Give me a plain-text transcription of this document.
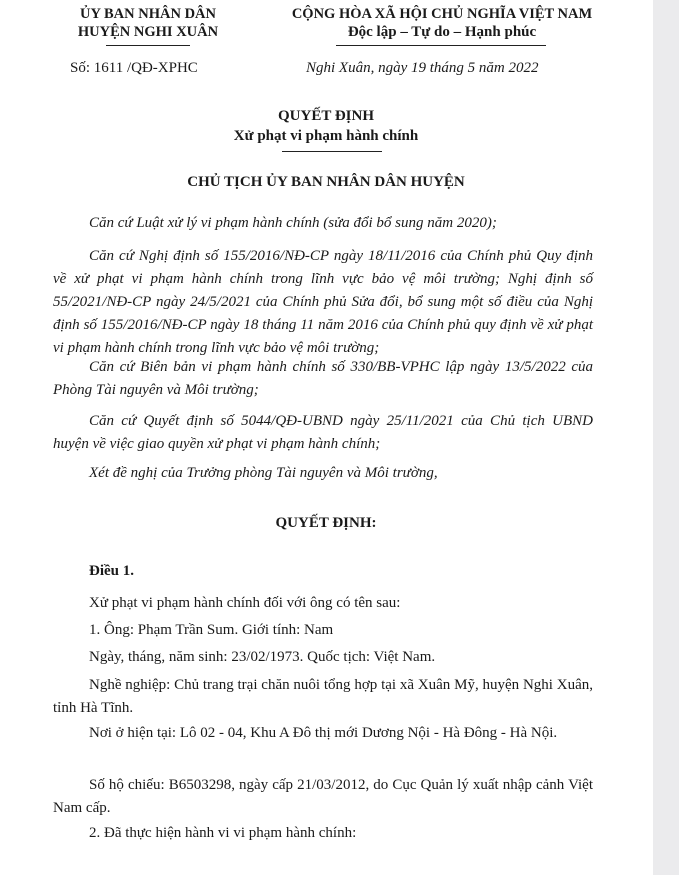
ỦY BAN NHÂN DÂN
HUYỆN NGHI XUÂN
Số: 1611 /QĐ-XPHC
CỘNG HÒA XÃ HỘI CHỦ NGHĨA VIỆT NAM
Độc lập – Tự do – Hạnh phúc
Nghi Xuân, ngày 19 tháng 5 năm 2022
QUYẾT ĐỊNH
Xử phạt vi phạm hành chính
CHỦ TỊCH ỦY BAN NHÂN DÂN HUYỆN
Căn cứ Luật xử lý vi phạm hành chính (sửa đổi bổ sung năm 2020);
Căn cứ Nghị định số 155/2016/NĐ-CP ngày 18/11/2016 của Chính phủ Quy định về xử phạt vi phạm hành chính trong lĩnh vực bảo vệ môi trường; Nghị định số 55/2021/NĐ-CP ngày 24/5/2021 của Chính phủ Sửa đổi, bổ sung một số điều của Nghị định số 155/2016/NĐ-CP ngày 18 tháng 11 năm 2016 của Chính phủ quy định về xử phạt vi phạm hành chính trong lĩnh vực bảo vệ môi trường;
Căn cứ Biên bản vi phạm hành chính số 330/BB-VPHC lập ngày 13/5/2022 của Phòng Tài nguyên và Môi trường;
Căn cứ Quyết định số 5044/QĐ-UBND ngày 25/11/2021 của Chủ tịch UBND huyện về việc giao quyền xử phạt vi phạm hành chính;
Xét đề nghị của Trưởng phòng Tài nguyên và Môi trường,
QUYẾT ĐỊNH:
Điều 1.
Xử phạt vi phạm hành chính đối với ông có tên sau:
1. Ông: Phạm Trần Sum. Giới tính: Nam
Ngày, tháng, năm sinh: 23/02/1973. Quốc tịch: Việt Nam.
Nghề nghiệp: Chủ trang trại chăn nuôi tổng hợp tại xã Xuân Mỹ, huyện Nghi Xuân, tỉnh Hà Tĩnh.
Nơi ở hiện tại: Lô 02 - 04, Khu A Đô thị mới Dương Nội - Hà Đông - Hà Nội.
Số hộ chiếu: B6503298, ngày cấp 21/03/2012, do Cục Quản lý xuất nhập cảnh Việt Nam cấp.
2. Đã thực hiện hành vi vi phạm hành chính:
